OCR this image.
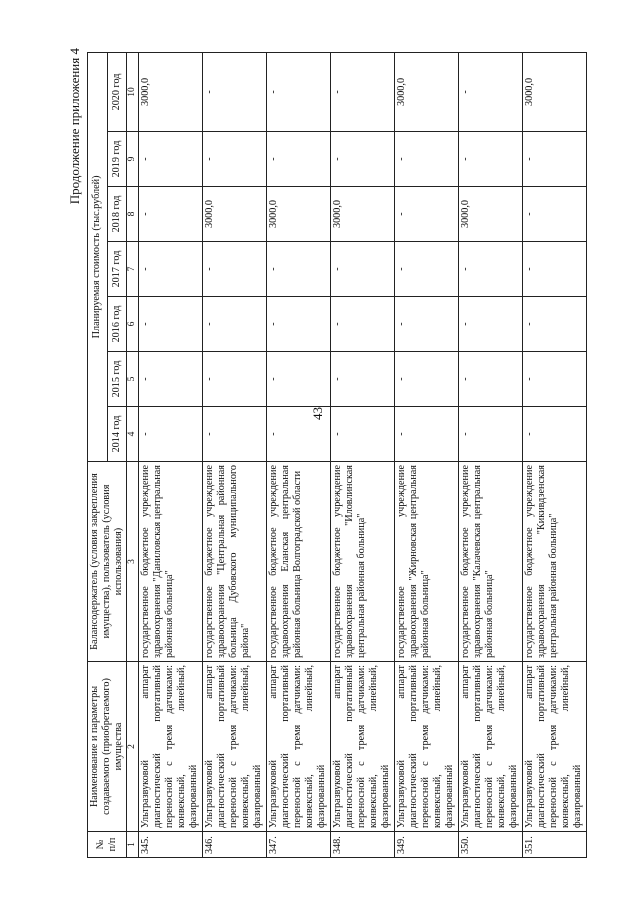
43
Продолжение приложения 4
№ п/п	Наименование и параметры создаваемого (приобретаемого) имущества	Балансодержатель (условия закрепления имущества), пользователь (условия использования)	Планируемая стоимость (тыс.рублей)						
			2014 год	2015 год	2016 год	2017 год	2018 год	2019 год	2020 год
1	2	3	4	5	6	7	8	9	10
345.	Ультразвуковой аппарат диагностический портативный переносной с тремя датчиками: конвексный, линейный, фазированный	государственное бюджетное учреждение здравоохранения "Даниловская центральная районная больница"	-	-	-	-	-	-	3000,0
346.	Ультразвуковой аппарат диагностический портативный переносной с тремя датчиками: конвексный, линейный, фазированный	государственное бюджетное учреждение здравоохранения "Центральная районная больница Дубовского муниципального района"	-	-	-	-	3000,0	-	-
347.	Ультразвуковой аппарат диагностический портативный переносной с тремя датчиками: конвексный, линейный, фазированный	государственное бюджетное учреждение здравоохранения Еланская центральная районная больница Волгоградской области	-	-	-	-	3000,0	-	-
348.	Ультразвуковой аппарат диагностический портативный переносной с тремя датчиками: конвексный, линейный, фазированный	государственное бюджетное учреждение здравоохранения "Иловлинская центральная районная больница"	-	-	-	-	3000,0	-	-
349.	Ультразвуковой аппарат диагностический портативный переносной с тремя датчиками: конвексный, линейный, фазированный	государственное учреждение здравоохранения "Жирновская центральная районная больница"	-	-	-	-	-	-	3000,0
350.	Ультразвуковой аппарат диагностический портативный переносной с тремя датчиками: конвексный, линейный, фазированный	государственное бюджетное учреждение здравоохранения "Калачевская центральная районная больница"	-	-	-	-	3000,0	-	-
351.	Ультразвуковой аппарат диагностический портативный переносной с тремя датчиками: конвексный, линейный, фазированный	государственное бюджетное учреждение здравоохранения "Кикивдзенская центральная районная больница"	-	-	-	-	-	-	3000,0
